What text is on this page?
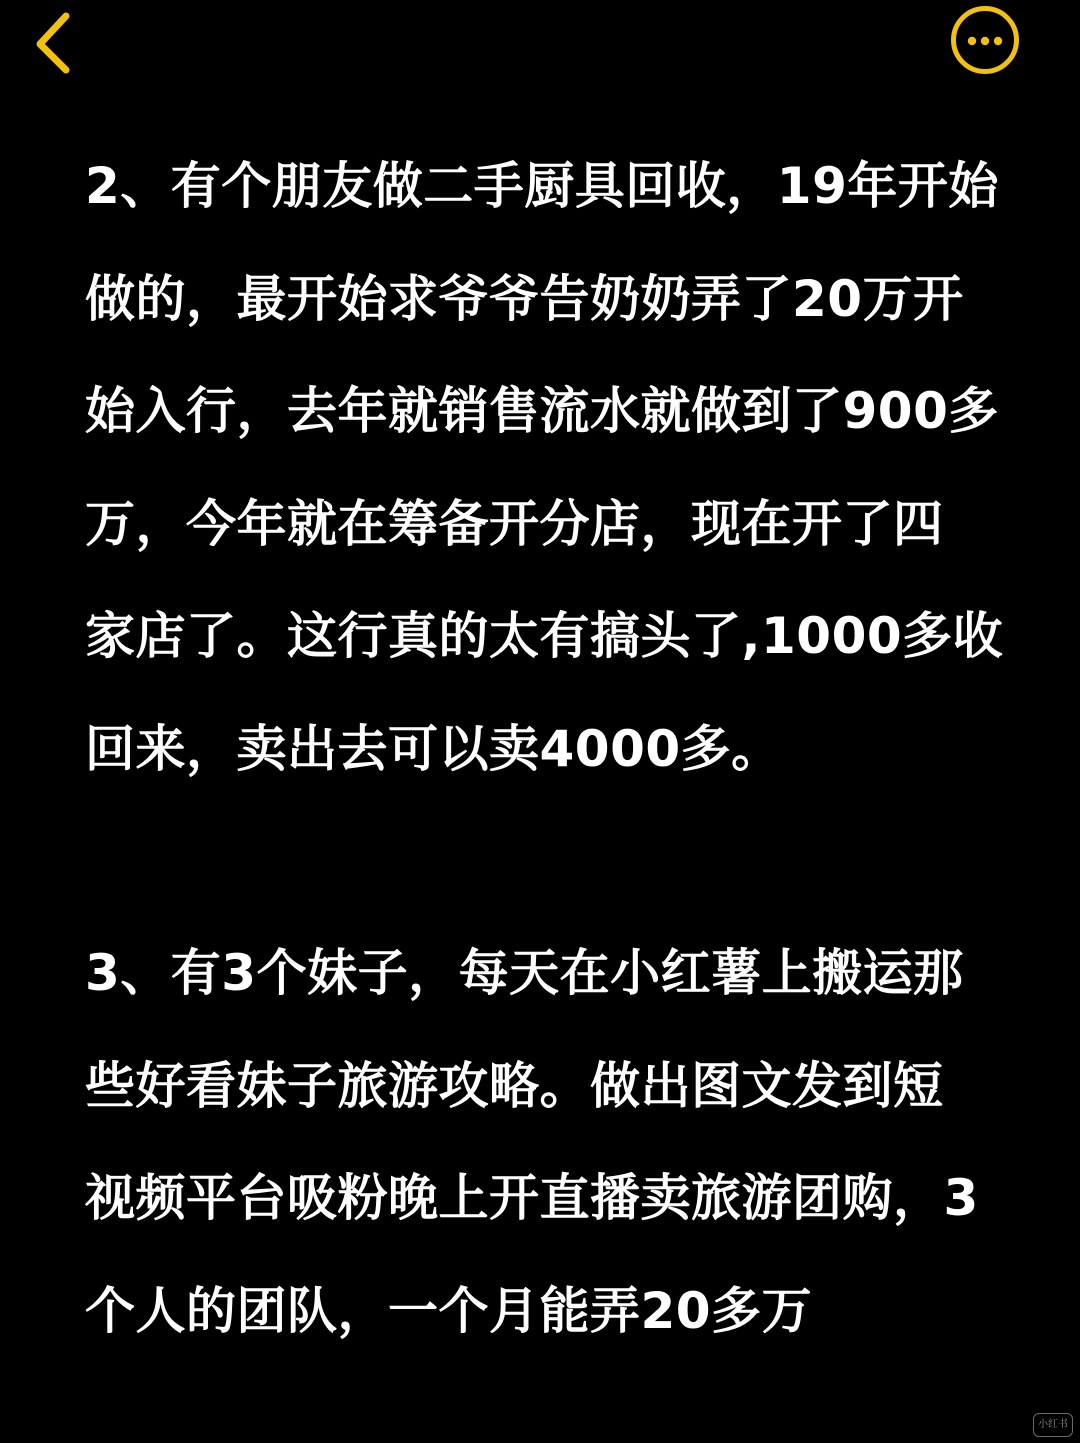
2、有个朋友做二手厨具回收，19年开始
做的，最开始求爷爷告奶奶弄了20万开
始入行，去年就销售流水就做到了900多
万，今年就在筹备开分店，现在开了四
家店了。这行真的太有搞头了,1000多收
回来，卖出去可以卖4000多。

3、有3个妹子，每天在小红薯上搬运那
些好看妹子旅游攻略。做出图文发到短
视频平台吸粉晚上开直播卖旅游团购，3
个人的团队，一个月能弄20多万

小红书
